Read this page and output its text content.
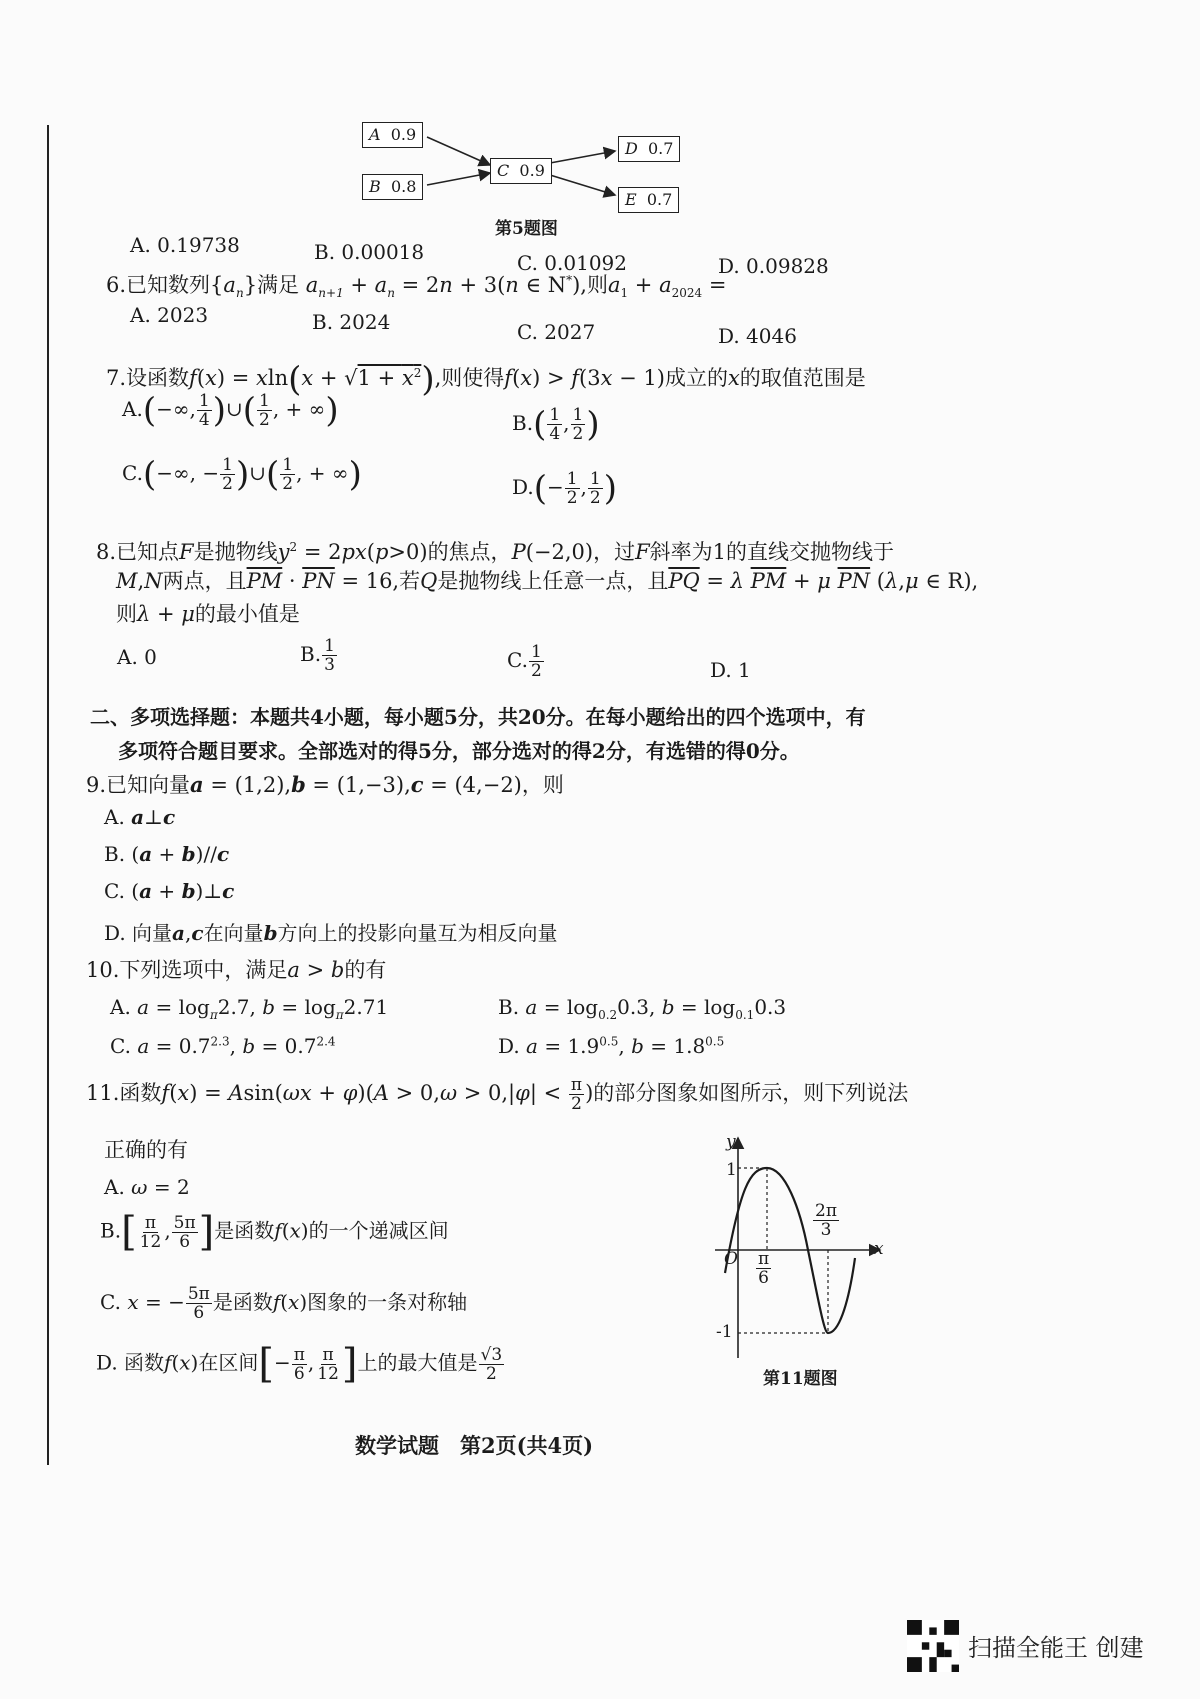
A 0.9
B 0.8
C 0.9
D 0.7
E 0.7
第5题图
A. 0.19738	B. 0.00018	C. 0.01092	D. 0.09828
6.已知数列$\{a_n\}$满足 $a_{n+1} + a_n = 2n + 3(n$ ∈ N*),则$a_1 + a_{2024}$ =
A. 2023	B. 2024	C. 2027	D. 4046
7.设函数$f(x) = xln(x + √1 + x^2)$,则使得f(x) > f(3x − 1)成立的x的取值范围是
A.(−∞, $\frac{1}{4}$ )∪( $\frac{1}{2}$ , + ∞)	$B.( \frac{1}{4}$ , $\frac{1}{2}$ )
C.(−∞, − $\frac{1}{2}$ )∪( $\frac{1}{2}$ , + ∞)	$D.(- \frac{1}{2}$ , $\frac{1}{2}$ )
8.已知点F是抛物线$y^2 = 2px(p>0)$的焦点，P(−2,0)，过F斜率为1的直线交抛物线于
M,N两点，且$\overline{PM} \cdot \overline{PN} = 16$,若Q是抛物线上任意一点，且$\overline{PQ} = \lambda$ $\overline{PM} + \mu$ $\overline{PN}$ (λ,μ ∈ R),
则λ + μ的最小值是
A. 0	B. $\frac{1}{3}$	C. $\frac{1}{2}$	D. 1
二、多项选择题：本题共4小题，每小题5分，共20分。在每小题给出的四个选项中，有
多项符合题目要求。全部选对的得5分，部分选对的得2分，有选错的得0分。
9.已知向量a = (1,2),b = (1,−3),c = (4,−2)，则
A. a⊥c
B. (a + b)//c
C. (a + b)⊥c
D. 向量a,c在向量b方向上的投影向量互为相反向量
10.下列选项中，满足a > b的有
A. $a = \log_\pi 2.7$, $b = \log_\pi 2.71$	B. $a = \log_{0.2}0.3$, $b = \log_{0.1}0.3$
C. $a = 0.7^{2.3}$, $b = 0.7^{2.4}$	D. $a = 1.9^{0.5}$, $b = 1.8^{0.5}$
11.函数$f(x) = Asin(\omega x + \varphi)(A > 0,\omega > 0,|\varphi| < \frac{\pi}{2}$ )的部分图象如图所示，则下列说法
正确的有
A. ω = 2
$B.[ \frac{\pi}{12}$ , $\frac{5\pi}{6}$ ]是函数f(x)的一个递减区间
C. x = − $\frac{5\pi}{6}$ 是函数f(x)图象的一条对称轴
D. 函数f(x)在区间[− $\frac{\pi}{6}$ , $\frac{\pi}{12}$ ]上的最大值是 $\frac{√3}{2}$
y
x
O
1
-1
$\frac{\pi}{6}$
$\frac{2\pi}{3}$
第11题图
数学试题　第2页(共4页)
扫描全能王 创建
